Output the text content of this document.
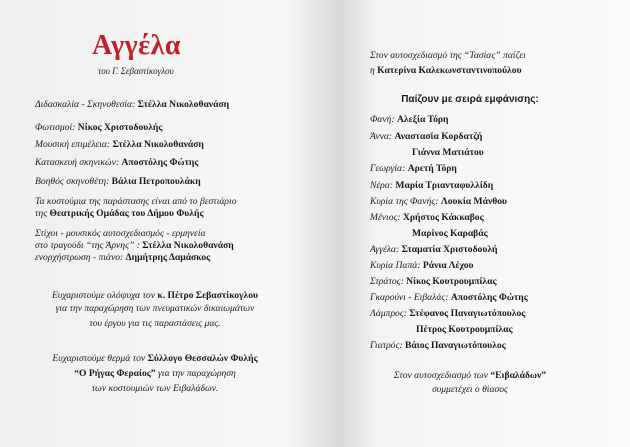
Αγγέλα
του Γ. Σεβαστίκογλου
Διδασκαλία - Σκηνοθεσία: Στέλλα Νικολοθανάση
Φωτισμοί: Νίκος Χριστοδουλής
Μουσική επιμέλεια: Στέλλα Νικολοθανάση
Κατασκευή σκηνικών: Αποστόλης Φώτης
Βοηθός σκηνοθέτη: Βάλια Πετροπουλάκη
Τα κοστούμια της παράστασης είναι από το βεστιάριο
της Θεατρικής Ομάδας του Δήμου Φυλής
Στίχοι - μουσικός αυτοσχεδιασμός - ερμηνεία
στο τραγούδι “της Άρνης” : Στέλλα Νικολοθανάση
ενορχήστρωση - πιάνο: Δημήτρης Δαμάσκος
Ευχαριστούμε ολόψυχα τον κ. Πέτρο Σεβαστίκογλου
για την παραχώρηση των πνευματικών δικαιωμάτων
του έργου για τις παραστάσεις μας.
Ευχαριστούμε θερμά τον Σύλλογο Θεσσαλών Φυλής
“Ο Ρήγας Φεραίος” για την παραχώρηση
των κοστουμιών των Ειβαλάδων.
Στον αυτοσχεδιασμό της “Τασίας” παίζει
η Κατερίνα Καλεκωνσταντινοπούλου
Παίζουν με σειρά εμφάνισης:
Φανή: Αλεξία Τόρη
Άννα: Αναστασία Κορδατζή
Γιάννα Ματιάτου
Γεωργία: Αρετή Τόρη
Νέρα: Μαρία Τριανταφυλλίδη
Κυρία της Φανής: Λουκία Μάνθου
Μένιος: Χρήστος Κάκκαβος
Μαρίνος Καραβάς
Αγγέλα: Σταματία Χριστοδουλή
Κυρία Παπά: Ράνια Λέχου
Στράτος: Νίκος Κουτρουμπίλας
Γκαρούνι - Ειβαλάς: Αποστόλης Φώτης
Λάμπρος: Στέφανος Παναγιωτόπουλος
Πέτρος Κουτρουμπίλας
Γιατρός: Βάιος Παναγιωτόπουλος
Στον αυτοσχεδιασμό των “Ειβαλάδων”
συμμετέχει ο θίασος
